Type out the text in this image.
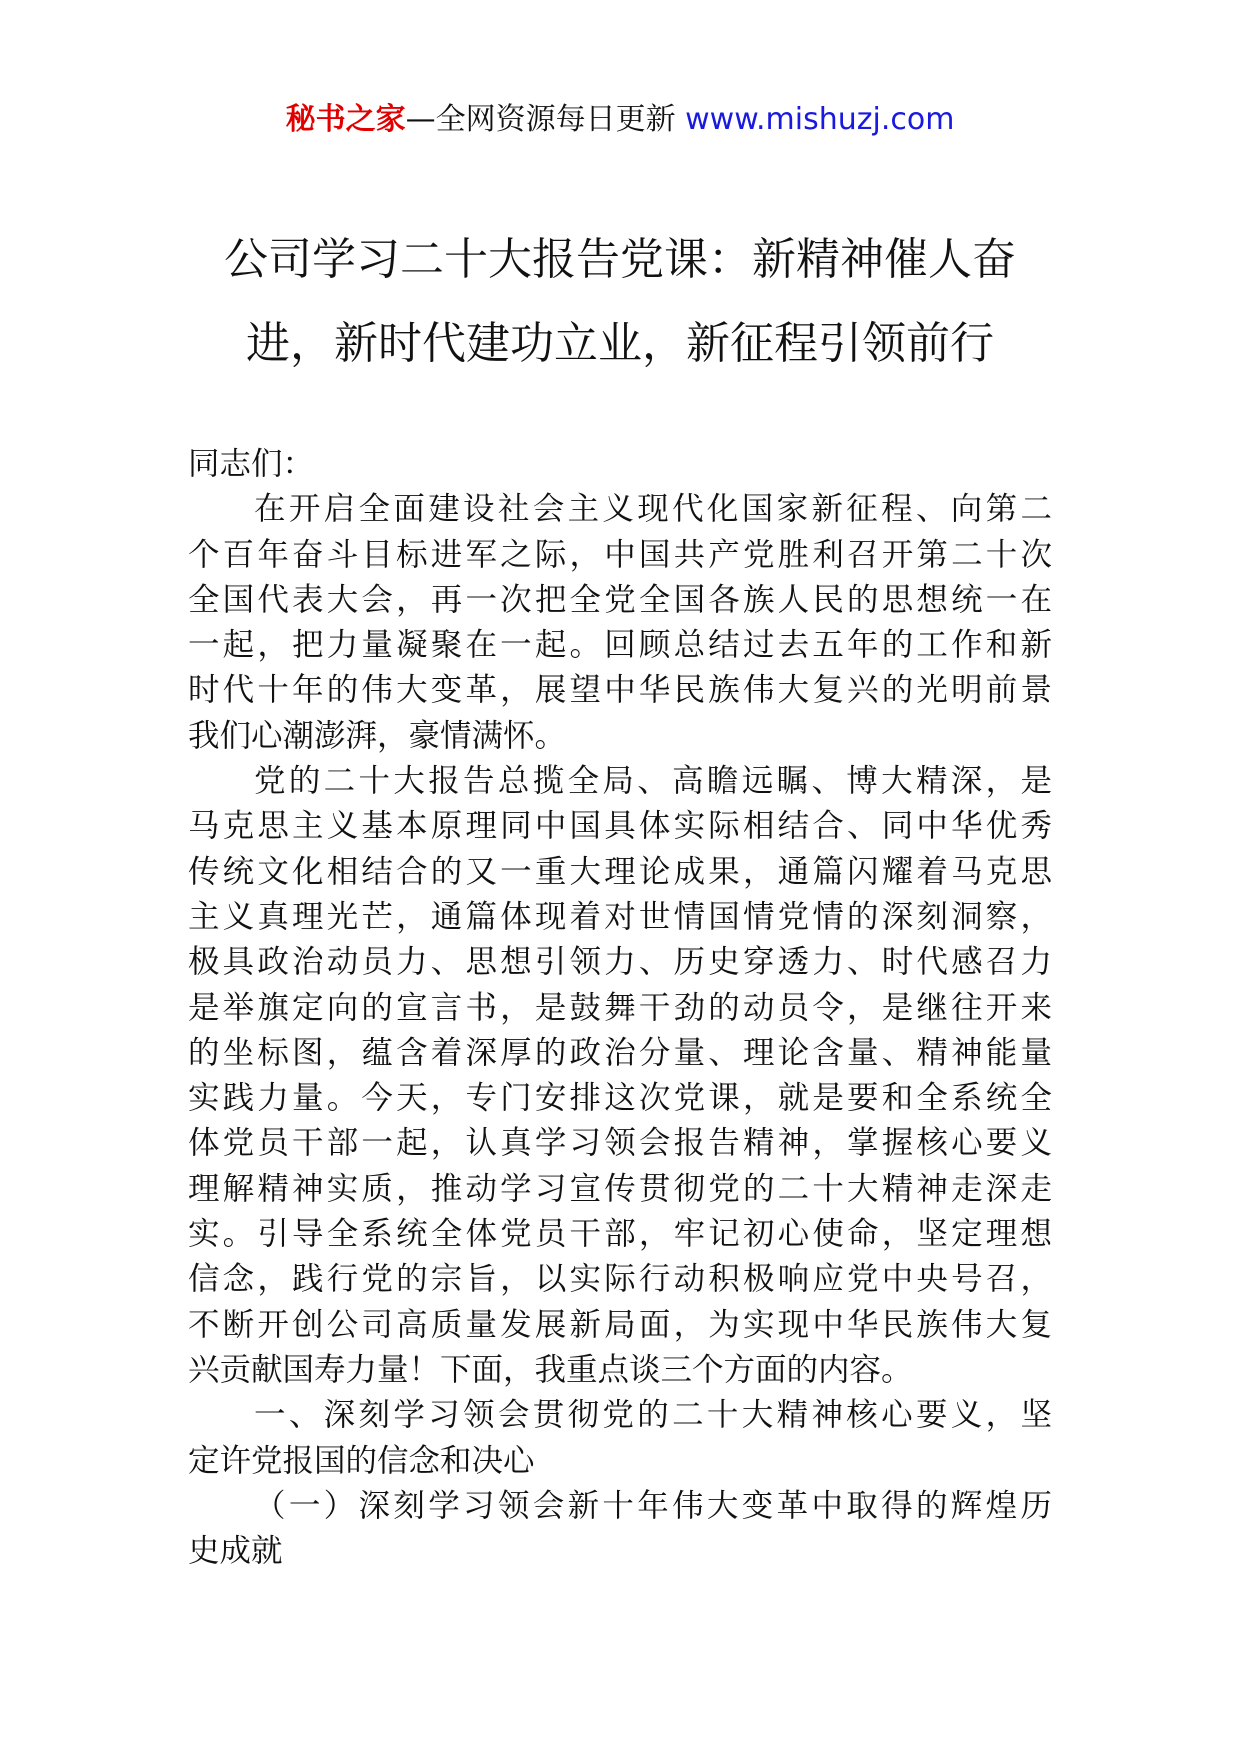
秘书之家—全网资源每日更新 www.mishuzj.com
公司学习二十大报告党课：新精神催人奋
进，新时代建功立业，新征程引领前行
同志们：
在开启全面建设社会主义现代化国家新征程、向第二
个百年奋斗目标进军之际，中国共产党胜利召开第二十次
全国代表大会，再一次把全党全国各族人民的思想统一在
一起，把力量凝聚在一起。回顾总结过去五年的工作和新
时代十年的伟大变革，展望中华民族伟大复兴的光明前景
我们心潮澎湃，豪情满怀。
党的二十大报告总揽全局、高瞻远瞩、博大精深，是
马克思主义基本原理同中国具体实际相结合、同中华优秀
传统文化相结合的又一重大理论成果，通篇闪耀着马克思
主义真理光芒，通篇体现着对世情国情党情的深刻洞察，
极具政治动员力、思想引领力、历史穿透力、时代感召力
是举旗定向的宣言书，是鼓舞干劲的动员令，是继往开来
的坐标图，蕴含着深厚的政治分量、理论含量、精神能量
实践力量。今天，专门安排这次党课，就是要和全系统全
体党员干部一起，认真学习领会报告精神，掌握核心要义
理解精神实质，推动学习宣传贯彻党的二十大精神走深走
实。引导全系统全体党员干部，牢记初心使命，坚定理想
信念，践行党的宗旨，以实际行动积极响应党中央号召，
不断开创公司高质量发展新局面，为实现中华民族伟大复
兴贡献国寿力量！下面，我重点谈三个方面的内容。
一、深刻学习领会贯彻党的二十大精神核心要义，坚
定许党报国的信念和决心
（一）深刻学习领会新十年伟大变革中取得的辉煌历
史成就
